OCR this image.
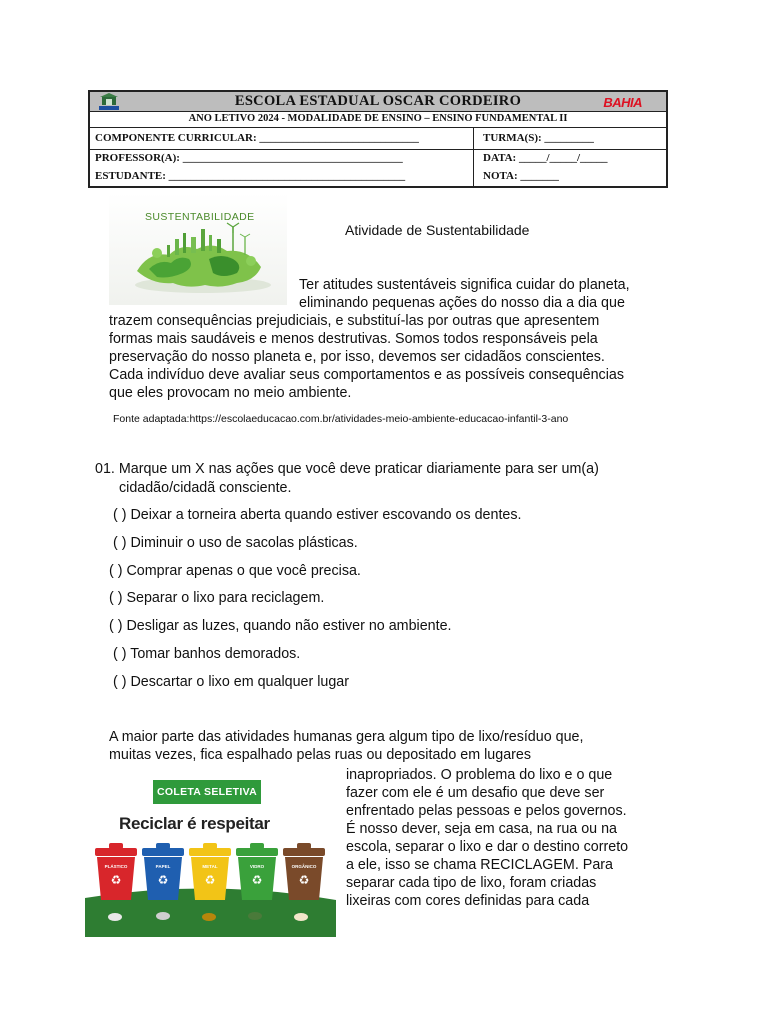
ESCOLA ESTADUAL OSCAR CORDEIRO	BAHIA
ANO LETIVO 2024 - MODALIDADE DE ENSINO – ENSINO FUNDAMENTAL II
COMPONENTE CURRICULAR: _____________________________	TURMA(S): _________
PROFESSOR(A): ________________________________________	DATA: _____/_____/_____
ESTUDANTE: ___________________________________________	NOTA: _______
SUSTENTABILIDADE
Atividade de Sustentabilidade
Ter atitudes sustentáveis significa cuidar do planeta,
eliminando pequenas ações do nosso dia a dia que
trazem consequências prejudiciais, e substituí-las por outras que apresentem
formas mais saudáveis e menos destrutivas. Somos todos responsáveis pela
preservação do nosso planeta e, por isso, devemos ser cidadãos conscientes.
Cada indivíduo deve avaliar seus comportamentos e as possíveis consequências
que eles provocam no meio ambiente.
Fonte adaptada:https://escolaeducacao.com.br/atividades-meio-ambiente-educacao-infantil-3-ano
01. Marque um X nas ações que você deve praticar diariamente para ser um(a)
cidadão/cidadã consciente.
( ) Deixar a torneira aberta quando estiver escovando os dentes.
( ) Diminuir o uso de sacolas plásticas.
( ) Comprar apenas o que você precisa.
( ) Separar o lixo para reciclagem.
( ) Desligar as luzes, quando não estiver no ambiente.
( ) Tomar banhos demorados.
( ) Descartar o lixo em qualquer lugar
A maior parte das atividades humanas gera algum tipo de lixo/resíduo que,
muitas vezes, fica espalhado pelas ruas ou depositado em lugares
COLETA SELETIVA
Reciclar é respeitar
PLÁSTICO
♻
PAPEL
♻
METAL
♻
VIDRO
♻
ORGÂNICO
♻
inapropriados. O problema do lixo e o que
fazer com ele é um desafio que deve ser
enfrentado pelas pessoas e pelos governos.
É nosso dever, seja em casa, na rua ou na
escola, separar o lixo e dar o destino correto
a ele, isso se chama RECICLAGEM. Para
separar cada tipo de lixo, foram criadas
lixeiras com cores definidas para cada
